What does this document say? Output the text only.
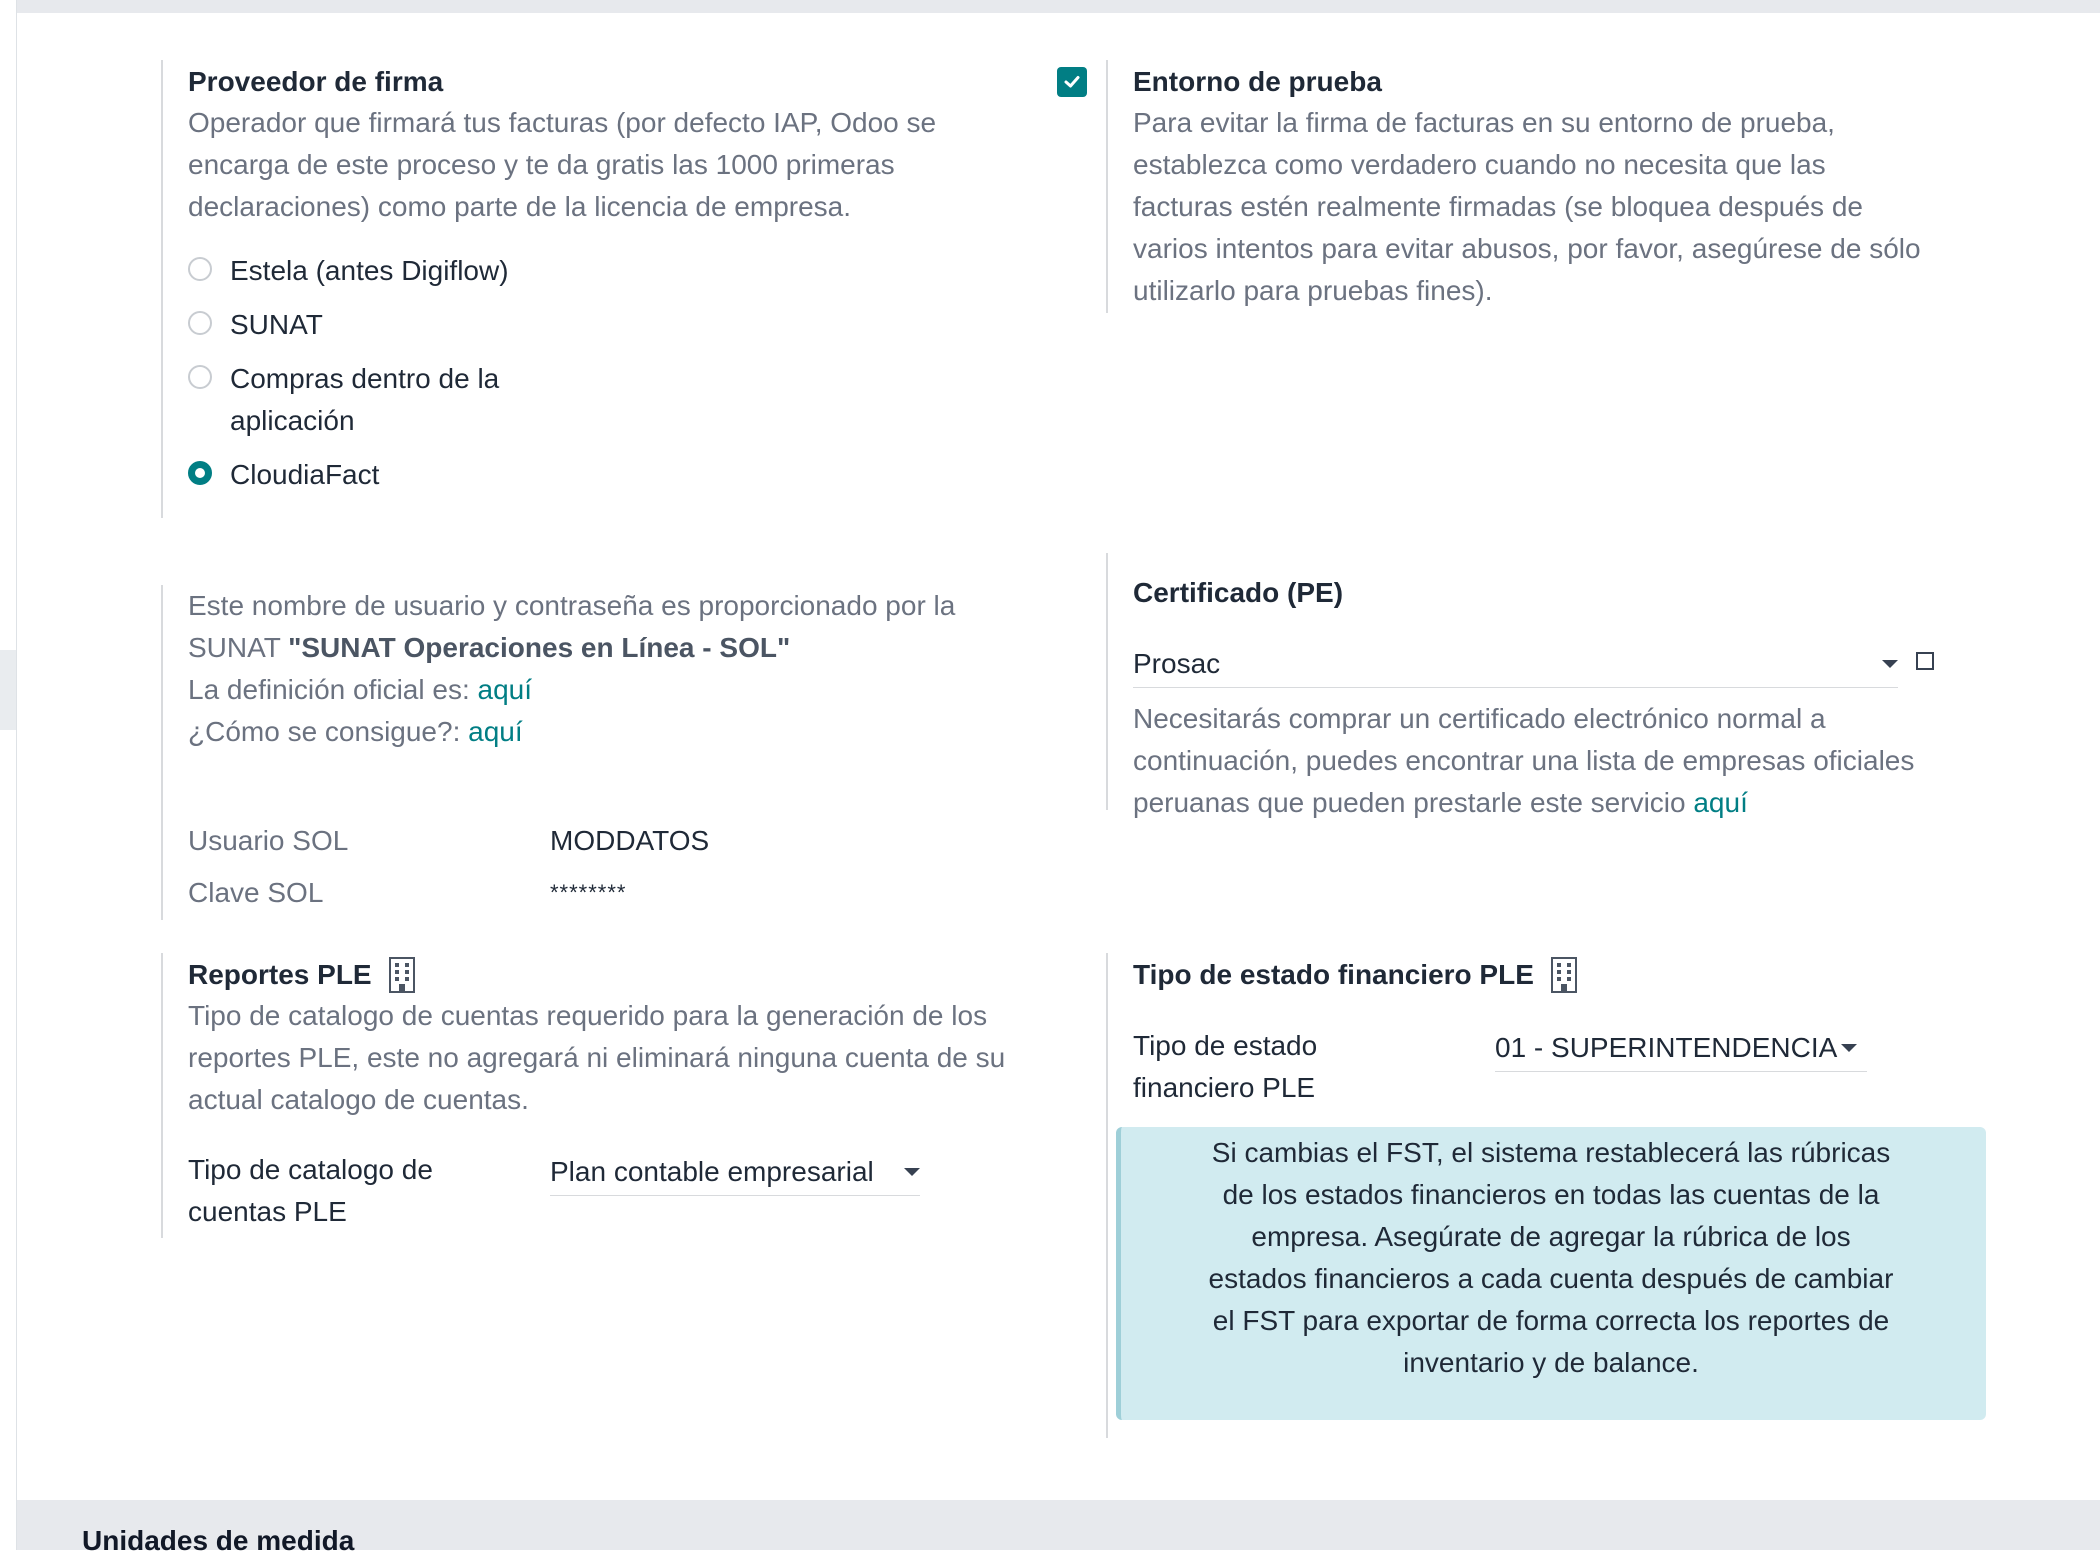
Proveedor de firma
Operador que firmará tus facturas (por defecto IAP, Odoo se encarga de este proceso y te da gratis las 1000 primeras declaraciones) como parte de la licencia de empresa.
Estela (antes Digiflow)
SUNAT
Compras dentro de la aplicación
CloudiaFact
Entorno de prueba
Para evitar la firma de facturas en su entorno de prueba, establezca como verdadero cuando no necesita que las facturas estén realmente firmadas (se bloquea después de varios intentos para evitar abusos, por favor, asegúrese de sólo utilizarlo para pruebas fines).
Este nombre de usuario y contraseña es proporcionado por la SUNAT "SUNAT Operaciones en Línea - SOL"
La definición oficial es: aquí
¿Cómo se consigue?: aquí
Usuario SOL	MODDATOS
Clave SOL	********
Certificado (PE)
Prosac
Necesitarás comprar un certificado electrónico normal a continuación, puedes encontrar una lista de empresas oficiales peruanas que pueden prestarle este servicio aquí
Reportes PLE
Tipo de catalogo de cuentas requerido para la generación de los reportes PLE, este no agregará ni eliminará ninguna cuenta de su actual catalogo de cuentas.
Tipo de catalogo de cuentas PLE
Plan contable empresarial
Tipo de estado financiero PLE
Tipo de estado financiero PLE
01 - SUPERINTENDENCIA
Si cambias el FST, el sistema restablecerá las rúbricas de los estados financieros en todas las cuentas de la empresa. Asegúrate de agregar la rúbrica de los estados financieros a cada cuenta después de cambiar el FST para exportar de forma correcta los reportes de inventario y de balance.
Unidades de medida
